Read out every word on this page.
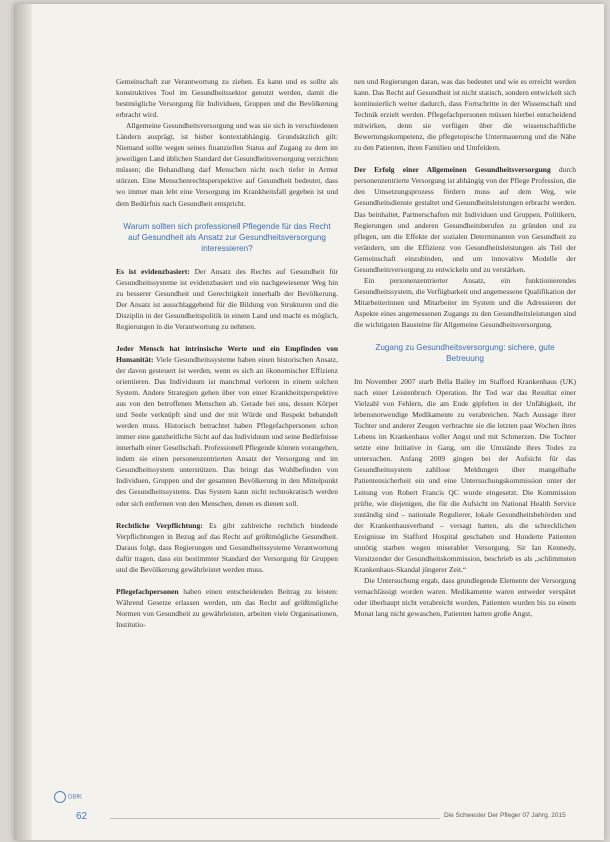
Gemeinschaft zur Verantwortung zu ziehen. Es kann und es sollte als konstruktives Tool im Gesundheitssektor genutzt werden, damit die bestmögliche Versorgung für Individuen, Gruppen und die Bevölkerung erbracht wird.

Allgemeine Gesundheitsversorgung und was sie sich in verschiedenen Ländern ausprägt, ist bisher kontextabhängig. Grundsätzlich gilt: Niemand sollte wegen seines finanziellen Status auf Zugang zu dem im jeweiligen Land üblichen Standard der Gesundheitsversorgung verzichten müssen; die Behandlung darf Menschen nicht noch tiefer in Armut stürzen. Eine Menschenrechtsperspektive auf Gesundheit bedeutet, dass wo immer man lebt eine Versorgung im Krankheitsfall gegeben ist und dem Bedürfnis nach Gesundheit entspricht.

Warum sollten sich professionell Pflegende für das Recht auf Gesundheit als Ansatz zur Gesundheitsversorgung interessieren?

Es ist evidenzbasiert: Der Ansatz des Rechts auf Gesundheit für Gesundheitssysteme ist evidenzbasiert und ein nachgewiesener Weg hin zu besserer Gesundheit und Gerechtigkeit innerhalb der Bevölkerung. Der Ansatz ist ausschlaggebend für die Bildung von Strukturen und die Disziplin in der Gesundheitspolitik in einem Land und macht es möglich, Regierungen in die Verantwortung zu nehmen.

Jeder Mensch hat intrinsische Werte und ein Empfinden von Humanität: Viele Gesundheitssysteme haben einen historischen Ansatz, der davon gesteuert ist werden, wenn es sich an ökonomischer Effizienz orientieren. Das Individuum ist manchmal verloren in einem solchen System. Andere Strategien gehen über von einer Krankheitsperspektive aus von den betroffenen Menschen ab. Gerade bei uns, dessen Körper und Seele verknüpft sind und der mit Würde und Respekt behandelt werden muss. Historisch betrachtet haben Pflegefachpersonen schon immer eine ganzheitliche Sicht auf das Individuum und seine Bedürfnisse innerhalb einer Gesellschaft. Professionell Pflegende können vorangehen, indem sie einen personenzentrierten Ansatz der Versorgung und im Gesundheitssystem unterstützen. Das bringt das Wohlbefinden von Individuen, Gruppen und der gesamten Bevölkerung in den Mittelpunkt des Gesundheitssystems. Das System kann nicht technokratisch werden oder sich entfernen von den Menschen, denen es dienen soll.

Rechtliche Verpflichtung: Es gibt zahlreiche rechtlich bindende Verpflichtungen in Bezug auf das Recht auf größtmögliche Gesundheit. Daraus folgt, dass Regierungen und Gesundheitssysteme Verantwortung dafür tragen, dass ein bestimmter Standard der Versorgung für Gruppen und die Bevölkerung gewährleistet werden muss.

Pflegefachpersonen haben einen entscheidenden Beitrag zu leisten: Während Gesetze erlassen werden, um das Recht auf größtmögliche Normen von Gesundheit zu gewährleisten, arbeiten viele Organisationen, Institutio-

nen und Regierungen daran, was das bedeutet und wie es erreicht werden kann. Das Recht auf Gesundheit ist nicht statisch, sondern entwickelt sich kontinuierlich weiter dadurch, dass Fortschritte in der Wissenschaft und Technik erzielt werden. Pflegefachpersonen müssen hierbei entscheidend mitwirken, denn sie verfügen über die wissenschaftliche Bewertungskompetenz, die pflegetopische Untermauerung und die Nähe zu den Patienten, ihren Familien und Umfeldern.

Der Erfolg einer Allgemeinen Gesundheitsversorgung durch personenzentrierte Versorgung ist abhängig von der Pflege Profession, die den Umsetzungsprozess fördern muss auf dem Weg, wie Gesundheitsdienste gestaltet und Gesundheitsleistungen erbracht werden. Das beinhaltet, Partnerschaften mit Individuen und Gruppen, Politikern, Regierungen und anderen Gesundheitsberufen zu gründen und zu pflegen, um die Effekte der sozialen Determinanten von Gesundheit zu verändern, um die Effizienz von Gesundheitsleistungen als Teil der Gemeinschaft einzubinden, und um innovative Modelle der Gesundheitsversorgung zu entwickeln und zu verstärken.

Ein personenzentrierter Ansatz, ein funktionierendes Gesundheitssystem, die Verfügbarkeit und angemessene Qualifikation der Mitarbeiterinnen und Mitarbeiter im System und die Adressieren der Aspekte eines angemessenen Zugangs zu den Gesundheitsleistungen sind die wichtigsten Bausteine für Allgemeine Gesundheitsversorgung.

Zugang zu Gesundheitsversorgung: sichere, gute Betreuung

Im November 2007 starb Bella Bailey im Stafford Krankenhaus (UK) nach einer Leistenbruch Operation. Ihr Tod war das Resultat einer Vielzahl von Fehlern, die am Ende gipfelten in der Unfähigkeit, ihr lebensnotwendige Medikamente zu verabreichen. Nach Aussage ihrer Tochter und anderer Zeugen verbrachte sie die letzten paar Wochen ihres Lebens im Krankenhaus voller Angst und mit Schmerzen. Die Tochter setzte eine Initiative in Gang, um die Umstände ihres Todes zu untersuchen. Anfang 2009 gingen bei der Aufsicht für das Gesundheitssystem zahllose Meldungen über mangelhafte Patientensicherheit ein und eine Untersuchungskommission unter der Leitung von Robert Francis QC wurde eingesetzt. Die Kommission prüfte, wie diejenigen, die für die Aufsicht im National Health Service zuständig sind – nationale Regulierer, lokale Gesundheitsbehörden und der Krankenhausverband – versagt hatten, als die schrecklichen Ereignisse im Stafford Hospital geschahen und Hunderte Patienten unnötig starben wegen miserabler Versorgung. Sir Ian Kennedy, Vorsitzender der Gesundheitskommission, beschrieb es als „schlimmsten Krankenhaus-Skandal jüngerer Zeit.“

Die Untersuchung ergab, dass grundlegende Elemente der Versorgung vernachlässigt worden waren. Medikamente waren entweder verspätet oder überhaupt nicht verabreicht worden, Patienten wurden bis zu einem Monat lang nicht gewaschen, Patienten hatten große Angst,

DBfK
62	Die Schwester Der Pfleger 07 Jahrg. 2015
